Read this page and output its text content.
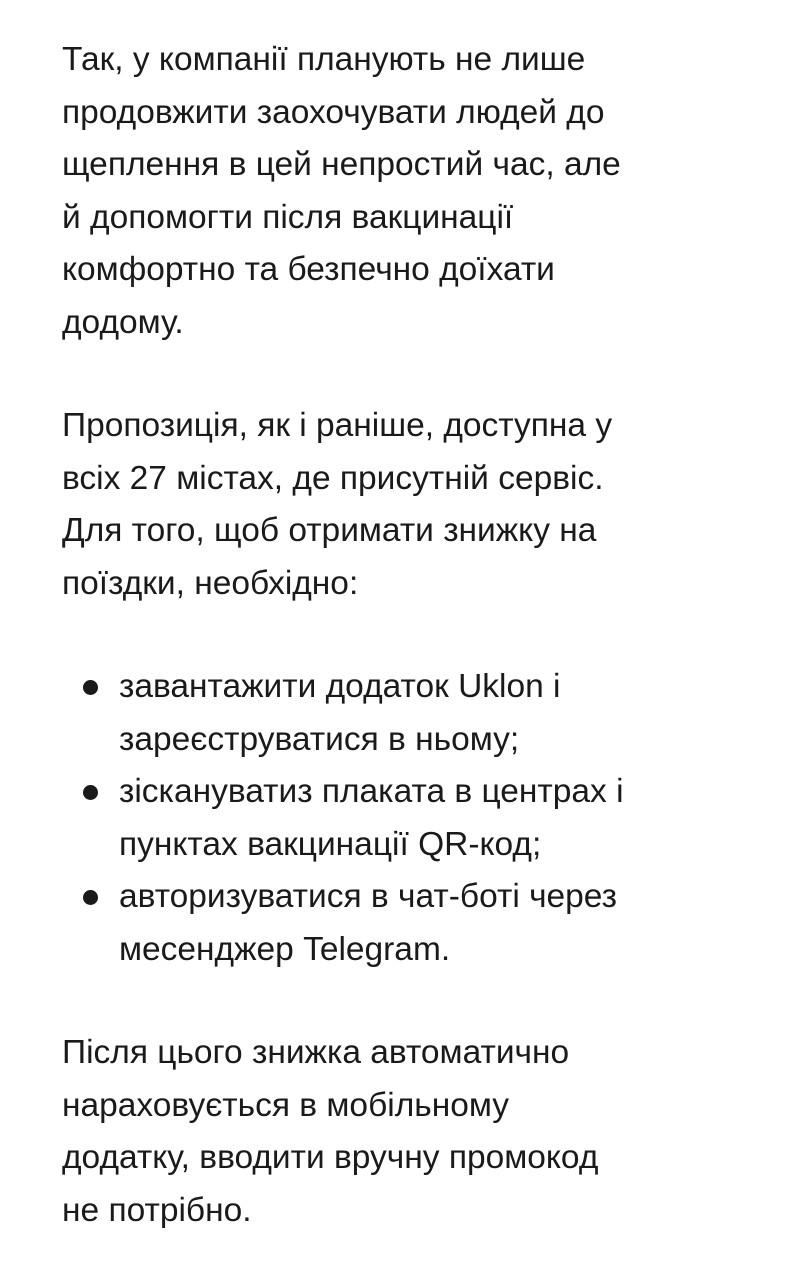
Так, у компанії планують не лише
продовжити заохочувати людей до
щеплення в цей непростий час, але
й допомогти після вакцинації
комфортно та безпечно доїхати
додому.

Пропозиція, як і раніше, доступна у
всіх 27 містах, де присутній сервіс.
Для того, щоб отримати знижку на
поїздки, необхідно:

завантажити додаток Uklon і
зареєструватися в ньому;
зіскануватиз плаката в центрах і
пунктах вакцинації QR-код;
авторизуватися в чат-боті через
месенджер Telegram.

Після цього знижка автоматично
нараховується в мобільному
додатку, вводити вручну промокод
не потрібно.
